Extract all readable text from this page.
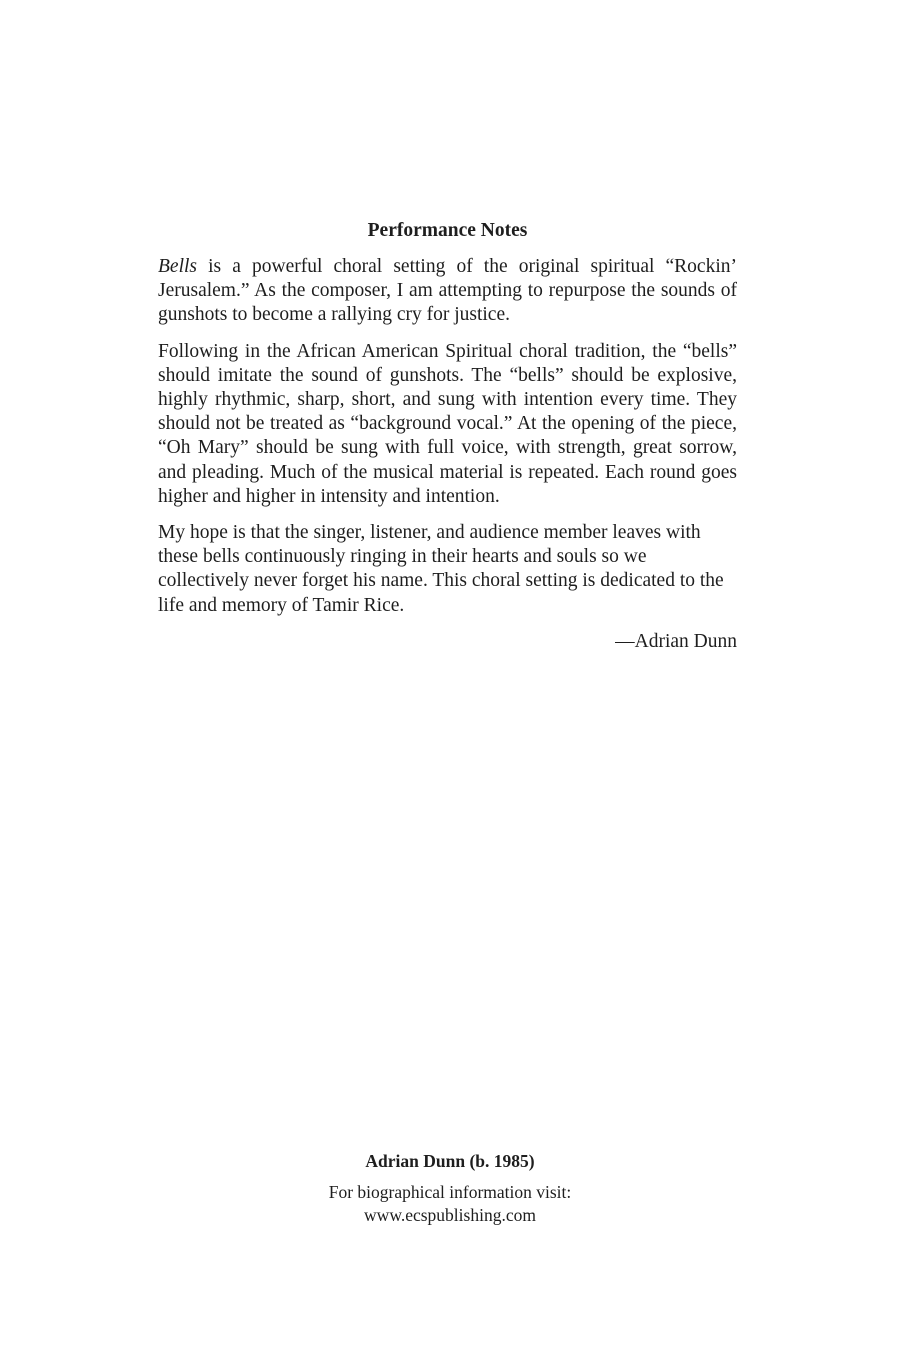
Performance Notes

Bells is a powerful choral setting of the original spiritual “Rockin’ Jerusalem.” As the composer, I am attempting to repurpose the sounds of gunshots to become a rallying cry for justice.

Following in the African American Spiritual choral tradition, the “bells” should imitate the sound of gunshots. The “bells” should be explosive, highly rhythmic, sharp, short, and sung with intention every time. They should not be treated as “background vocal.” At the opening of the piece, “Oh Mary” should be sung with full voice, with strength, great sorrow, and pleading. Much of the musical material is repeated. Each round goes higher and higher in intensity and intention.

My hope is that the singer, listener, and audience member leaves with these bells continuously ringing in their hearts and souls so we collectively never forget his name. This choral setting is dedicated to the life and memory of Tamir Rice.

—Adrian Dunn
Adrian Dunn (b. 1985)
For biographical information visit:
www.ecspublishing.com
